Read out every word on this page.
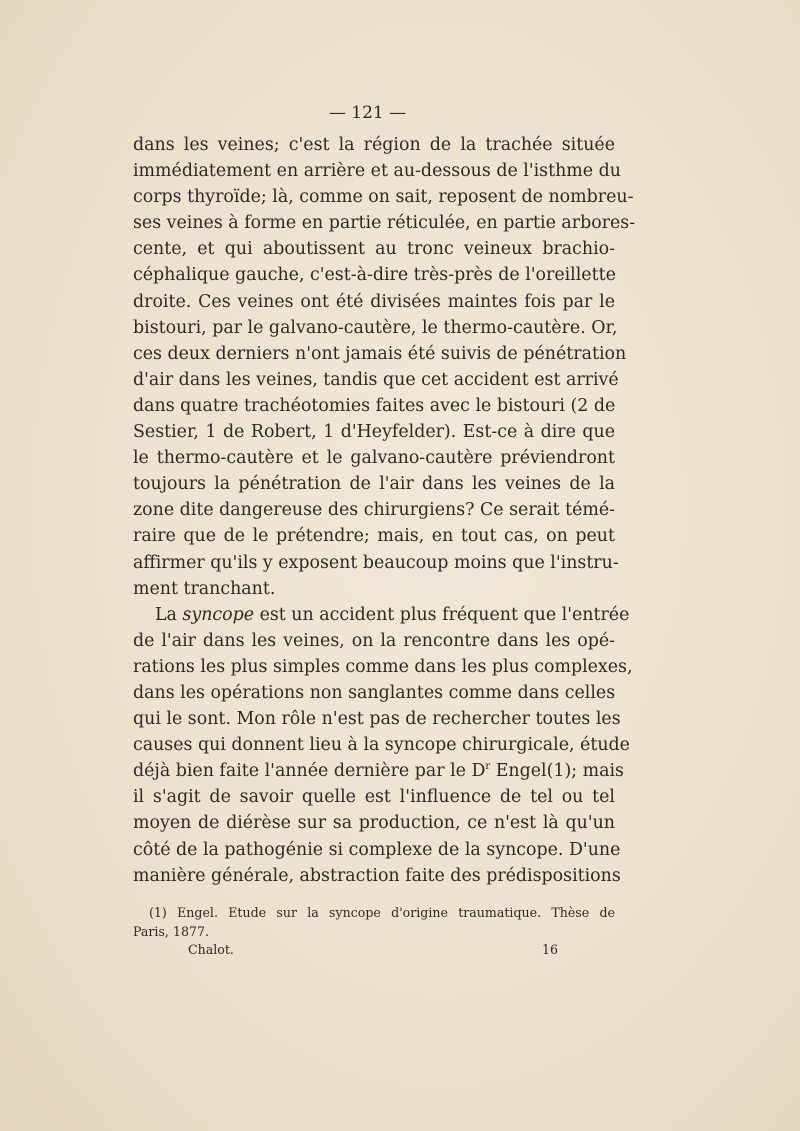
— 121 —
dans les veines; c'est la région de la trachée située
immédiatement en arrière et au-dessous de l'isthme du
corps thyroïde; là, comme on sait, reposent de nombreu-
ses veines à forme en partie réticulée, en partie arbores-
cente, et qui aboutissent au tronc veineux brachio-
céphalique gauche, c'est-à-dire très-près de l'oreillette
droite. Ces veines ont été divisées maintes fois par le
bistouri, par le galvano-cautère, le thermo-cautère. Or,
ces deux derniers n'ont jamais été suivis de pénétration
d'air dans les veines, tandis que cet accident est arrivé
dans quatre trachéotomies faites avec le bistouri (2 de
Sestier, 1 de Robert, 1 d'Heyfelder). Est-ce à dire que
le thermo-cautère et le galvano-cautère préviendront
toujours la pénétration de l'air dans les veines de la
zone dite dangereuse des chirurgiens? Ce serait témé-
raire que de le prétendre; mais, en tout cas, on peut
affirmer qu'ils y exposent beaucoup moins que l'instru-
ment tranchant.
La syncope est un accident plus fréquent que l'entrée
de l'air dans les veines, on la rencontre dans les opé-
rations les plus simples comme dans les plus complexes,
dans les opérations non sanglantes comme dans celles
qui le sont. Mon rôle n'est pas de rechercher toutes les
causes qui donnent lieu à la syncope chirurgicale, étude
déjà bien faite l'année dernière par le $D^r$ Engel(1); mais
il s'agit de savoir quelle est l'influence de tel ou tel
moyen de diérèse sur sa production, ce n'est là qu'un
côté de la pathogénie si complexe de la syncope. D'une
manière générale, abstraction faite des prédispositions
(1) Engel. Etude sur la syncope d'origine traumatique. Thèse de
Paris, 1877.
Chalot.	16
